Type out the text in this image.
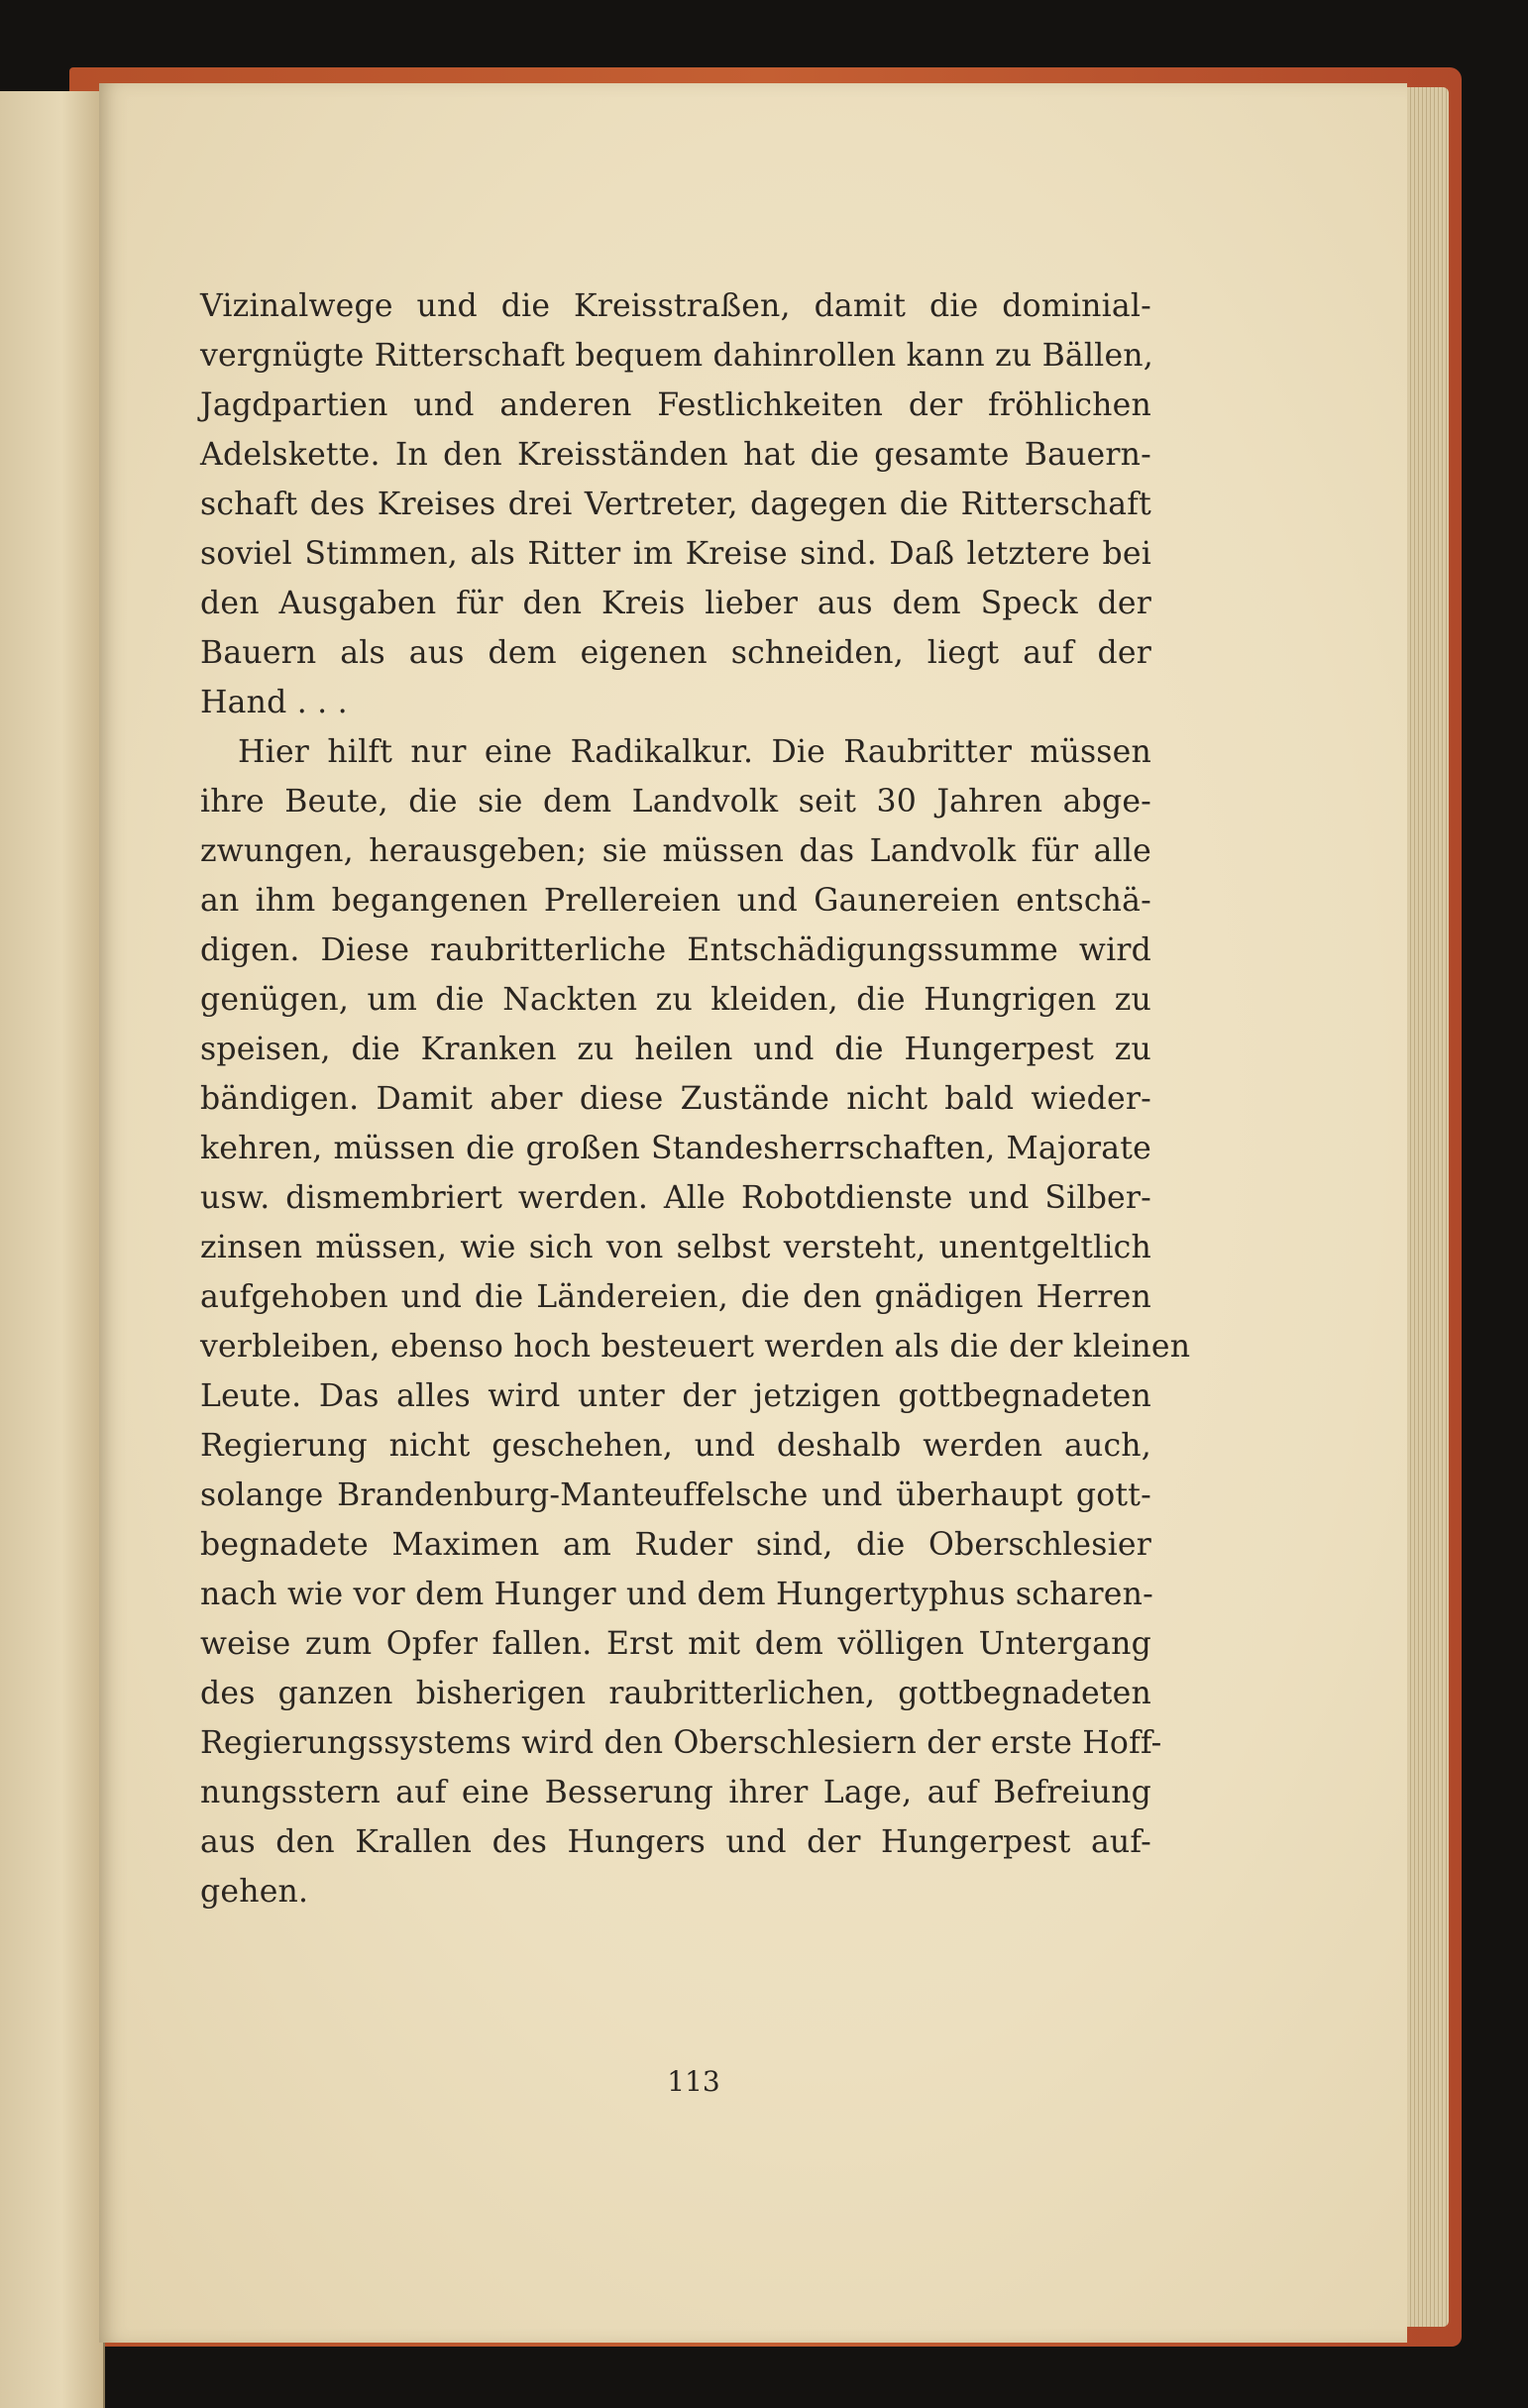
Vizinalwege und die Kreisstraßen, damit die dominial-
vergnügte Ritterschaft bequem dahinrollen kann zu Bällen,
Jagdpartien und anderen Festlichkeiten der fröhlichen
Adelskette. In den Kreisständen hat die gesamte Bauern-
schaft des Kreises drei Vertreter, dagegen die Ritterschaft
soviel Stimmen, als Ritter im Kreise sind. Daß letztere bei
den Ausgaben für den Kreis lieber aus dem Speck der
Bauern als aus dem eigenen schneiden, liegt auf der
Hand . . .
Hier hilft nur eine Radikalkur. Die Raubritter müssen
ihre Beute, die sie dem Landvolk seit 30 Jahren abge-
zwungen, herausgeben; sie müssen das Landvolk für alle
an ihm begangenen Prellereien und Gaunereien entschä-
digen. Diese raubritterliche Entschädigungssumme wird
genügen, um die Nackten zu kleiden, die Hungrigen zu
speisen, die Kranken zu heilen und die Hungerpest zu
bändigen. Damit aber diese Zustände nicht bald wieder-
kehren, müssen die großen Standesherrschaften, Majorate
usw. dismembriert werden. Alle Robotdienste und Silber-
zinsen müssen, wie sich von selbst versteht, unentgeltlich
aufgehoben und die Ländereien, die den gnädigen Herren
verbleiben, ebenso hoch besteuert werden als die der kleinen
Leute. Das alles wird unter der jetzigen gottbegnadeten
Regierung nicht geschehen, und deshalb werden auch,
solange Brandenburg-Manteuffelsche und überhaupt gott-
begnadete Maximen am Ruder sind, die Oberschlesier
nach wie vor dem Hunger und dem Hungertyphus scharen-
weise zum Opfer fallen. Erst mit dem völligen Untergang
des ganzen bisherigen raubritterlichen, gottbegnadeten
Regierungssystems wird den Oberschlesiern der erste Hoff-
nungsstern auf eine Besserung ihrer Lage, auf Befreiung
aus den Krallen des Hungers und der Hungerpest auf-
gehen.
113
